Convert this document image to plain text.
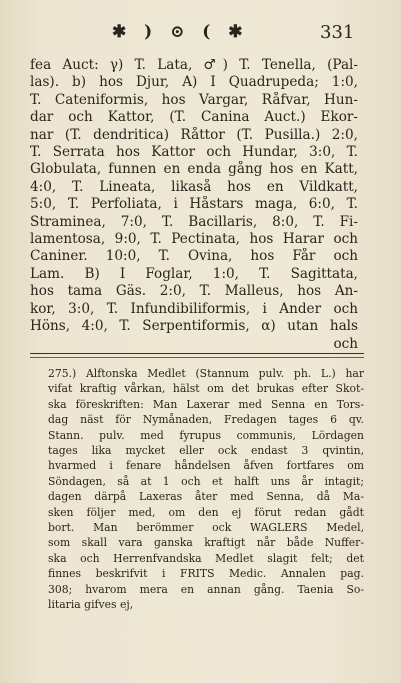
✱ ) ⊙ ( ✱	331
fea Auct: γ) T. Lata, ♂) T. Tenella, (Pal-
las). b) hos Djur, A) I Quadrupeda; 1:0,
T. Cateniformis, hos Vargar, Råfvar, Hun-
dar och Kattor, (T. Canina Auct.) Ekor-
nar (T. dendritica) Råttor (T. Pusilla.) 2:0,
T. Serrata hos Kattor och Hundar, 3:0, T.
Globulata, funnen en enda gång hos en Katt,
4:0, T. Lineata, likaså hos en Vildkatt,
5:0, T. Perfoliata, i Håstars maga, 6:0, T.
Straminea, 7:0, T. Bacillaris, 8:0, T. Fi-
lamentosa, 9:0, T. Pectinata, hos Harar och
Caniner. 10:0, T. Ovina, hos Får och
Lam. B) I Foglar, 1:0, T. Sagittata,
hos tama Gäs. 2:0, T. Malleus, hos An-
kor, 3:0, T. Infundibiliformis, i Ander och
Höns, 4:0, T. Serpentiformis, α) utan hals
och
275.) Alftonska Medlet (Stannum pulv. ph. L.) har
vifat kraftig vårkan, hälst om det brukas efter Skot-
ska föreskriften: Man Laxerar med Senna en Tors-
dag näst för Nymånaden, Fredagen tages 6 qv.
Stann. pulv. med fyrupus communis, Lördagen
tages lika mycket eller ock endast 3 qvintin,
hvarmed i fenare håndelsen åfven fortfares om
Söndagen, så at 1 och et halft uns år intagit;
dagen därpå Laxeras åter med Senna, då Ma-
sken följer med, om den ej förut redan gådt
bort. Man berömmer ock WAGLERS Medel,
som skall vara ganska kraftigt når både Nuffer-
ska och Herrenfvandska Medlet slagit felt; det
finnes beskrifvit i FRITS Medic. Annalen pag.
308; hvarom mera en annan gång. Taenia So-
litaria gifves ej,
